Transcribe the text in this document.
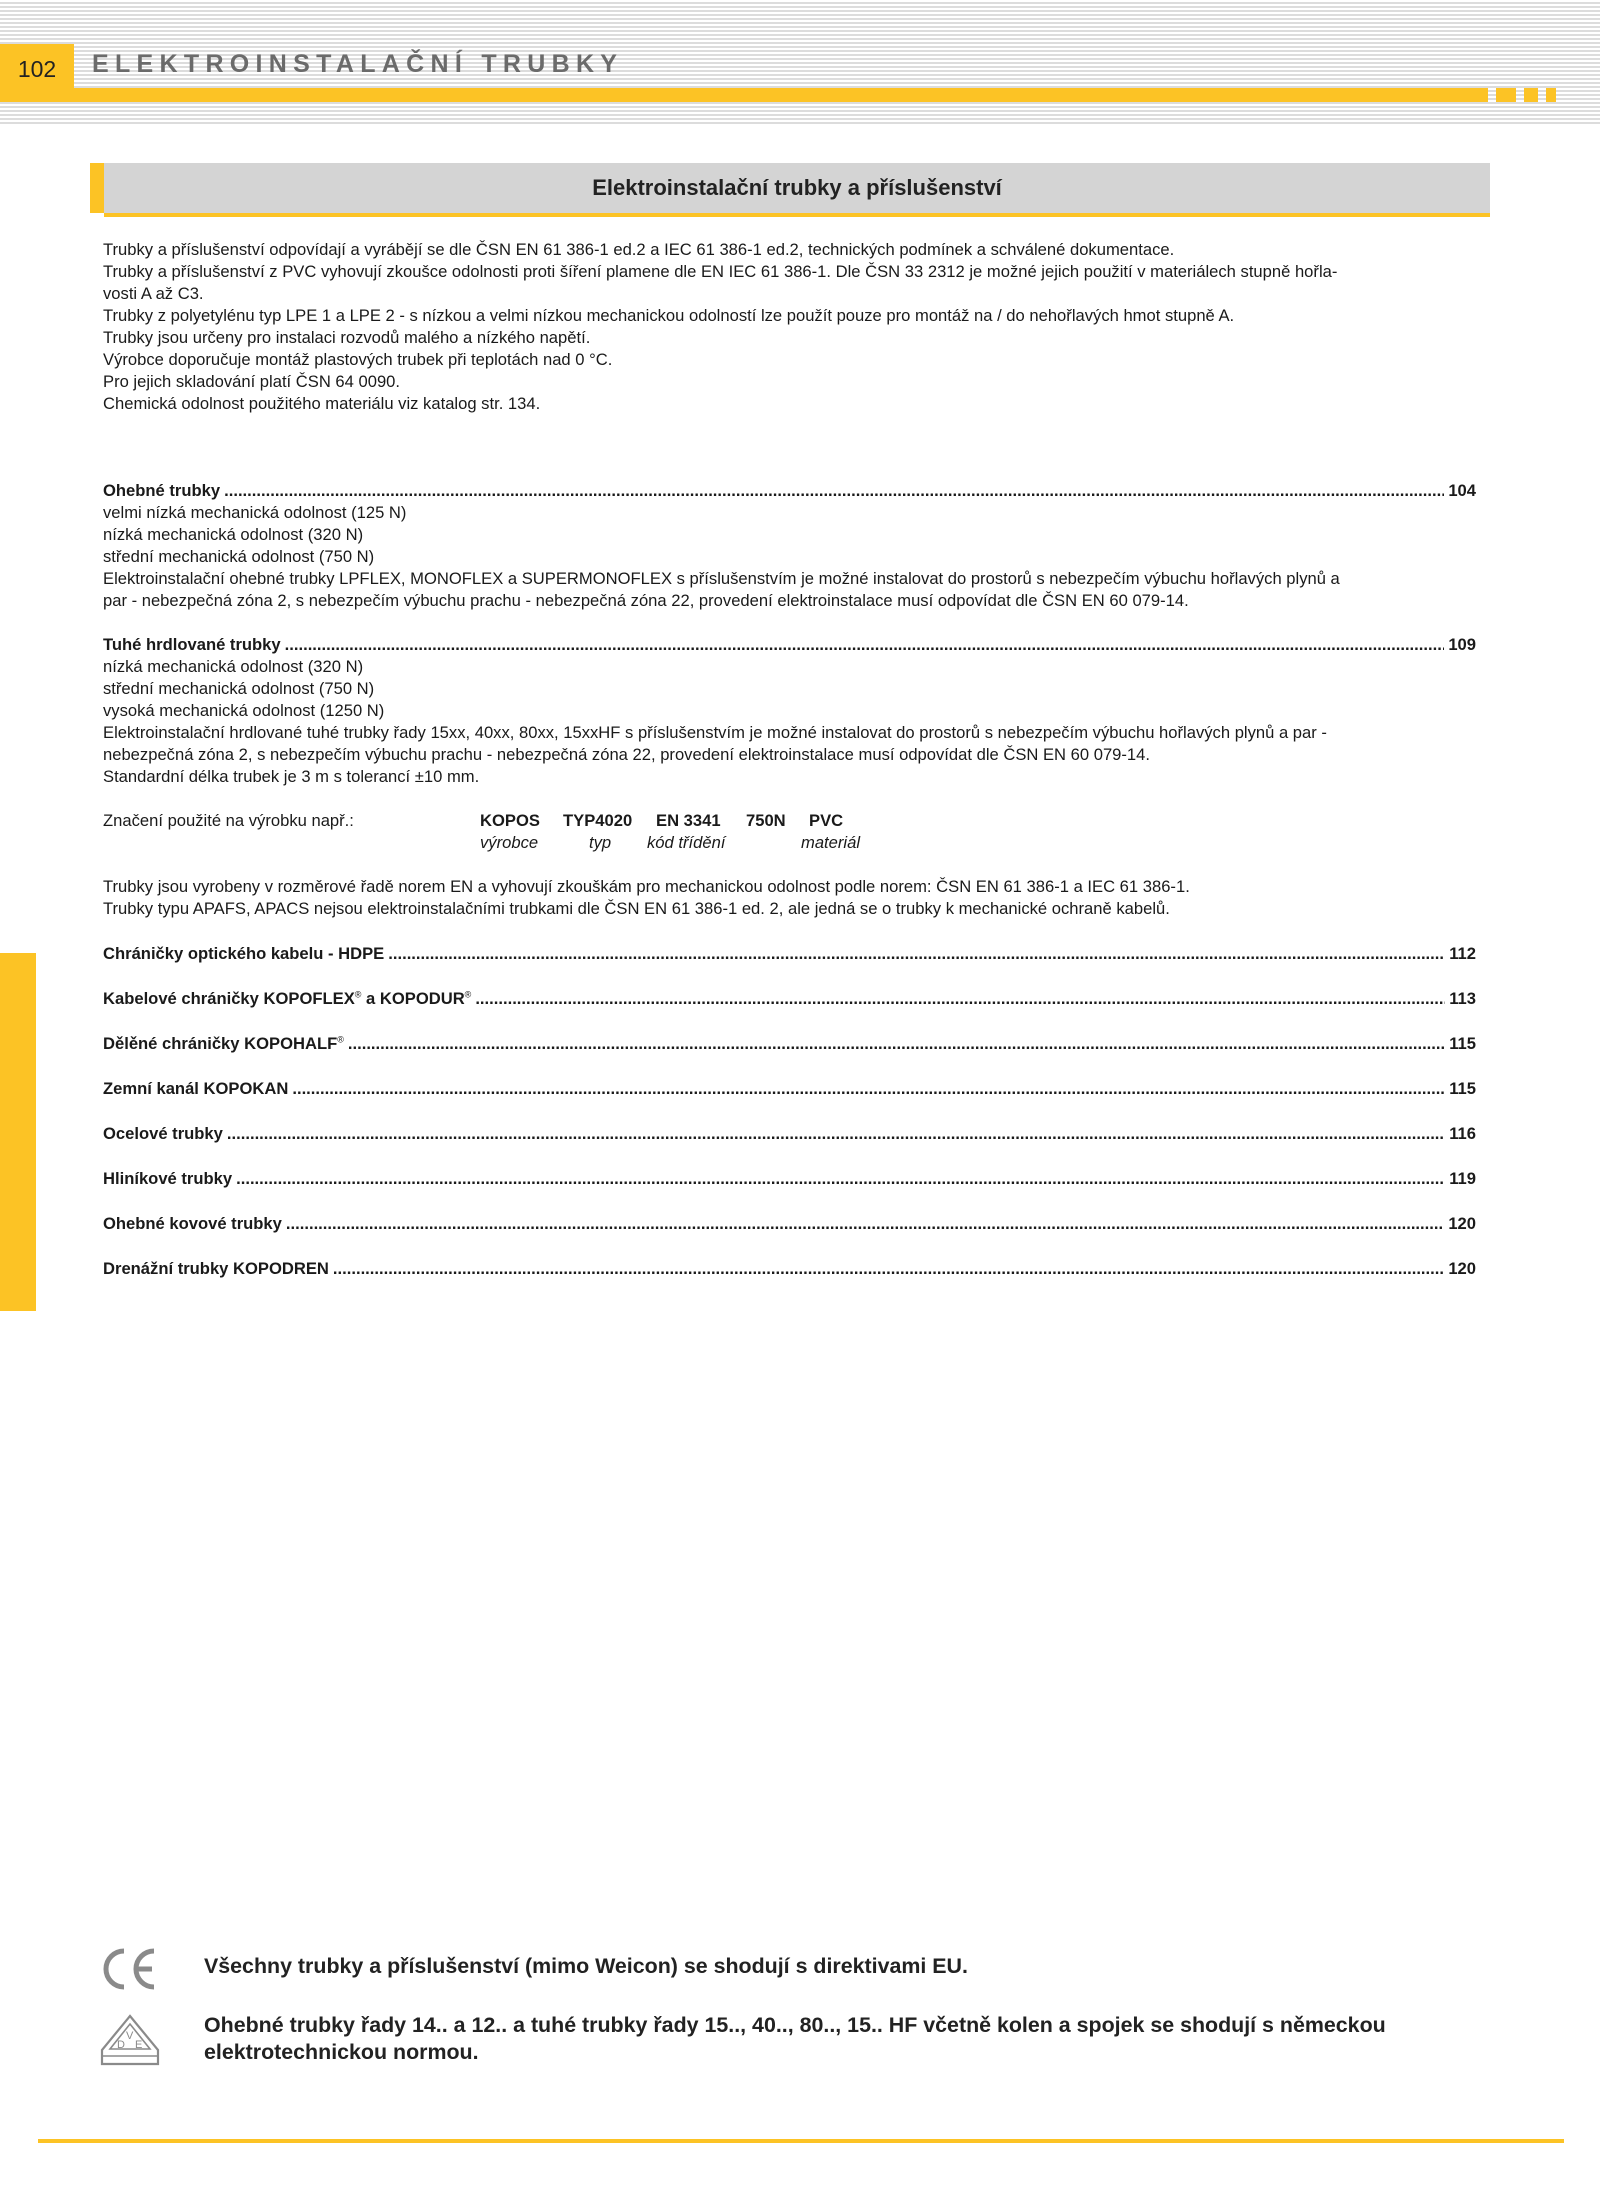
102	ELEKTROINSTALAČNÍ TRUBKY
Elektroinstalační trubky a příslušenství

Trubky a příslušenství odpovídají a vyrábějí se dle ČSN EN 61 386-1 ed.2 a IEC 61 386-1 ed.2, technických podmínek a schválené dokumentace.

Trubky a příslušenství z PVC vyhovují zkoušce odolnosti proti šíření plamene dle EN IEC 61 386-1. Dle ČSN 33 2312 je možné jejich použití v materiálech stupně hořla-

vosti A až C3.

Trubky z polyetylénu typ LPE 1 a LPE 2 - s nízkou a velmi nízkou mechanickou odolností lze použít pouze pro montáž na / do nehořlavých hmot stupně A.

Trubky jsou určeny pro instalaci rozvodů malého a nízkého napětí.

Výrobce doporučuje montáž plastových trubek při teplotách nad 0 °C.

Pro jejich skladování platí ČSN 64 0090.

Chemická odolnost použitého materiálu viz katalog str. 134.

Ohebné trubky .....	104

velmi nízká mechanická odolnost (125 N)

nízká mechanická odolnost (320 N)

střední mechanická odolnost (750 N)

Elektroinstalační ohebné trubky LPFLEX, MONOFLEX a SUPERMONOFLEX s příslušenstvím je možné instalovat do prostorů s nebezpečím výbuchu hořlavých plynů a

par - nebezpečná zóna 2, s nebezpečím výbuchu prachu - nebezpečná zóna 22, provedení elektroinstalace musí odpovídat dle ČSN EN 60 079-14.

Tuhé hrdlované trubky .....	109

nízká mechanická odolnost (320 N)

střední mechanická odolnost (750 N)

vysoká mechanická odolnost (1250 N)

Elektroinstalační hrdlované tuhé trubky řady 15xx, 40xx, 80xx, 15xxHF s příslušenstvím je možné instalovat do prostorů s nebezpečím výbuchu hořlavých plynů a par -

nebezpečná zóna 2, s nebezpečím výbuchu prachu - nebezpečná zóna 22, provedení elektroinstalace musí odpovídat dle ČSN EN 60 079-14.

Standardní délka trubek je 3 m s tolerancí ±10 mm.

Značení použité na výrobku např.:	KOPOS TYP4020 EN 3341 750N PVC
výrobce	typ kód třídění	materiál

Trubky jsou vyrobeny v rozměrové řadě norem EN a vyhovují zkouškám pro mechanickou odolnost podle norem: ČSN EN 61 386-1 a IEC 61 386-1.

Trubky typu APAFS, APACS nejsou elektroinstalačními trubkami dle ČSN EN 61 386-1 ed. 2, ale jedná se o trubky k mechanické ochraně kabelů.

Chráničky optického kabelu - HDPE .....	112
Kabelové chráničky KOPOFLEX® a KOPODUR® .....	113
Dělěné chráničky KOPOHALF® .....	115
Zemní kanál KOPOKAN .....	115
Ocelové trubky .....	116
Hliníkové trubky .....	119
Ohebné kovové trubky .....	120
Drenážní trubky KOPODREN .....	120
Všechny trubky a příslušenství (mimo Weicon) se shodují s direktivami EU.
D
V
E
Ohebné trubky řady 14.. a 12.. a tuhé trubky řady 15.., 40.., 80.., 15.. HF včetně kolen a spojek se shodují s německou elektrotechnickou normou.
